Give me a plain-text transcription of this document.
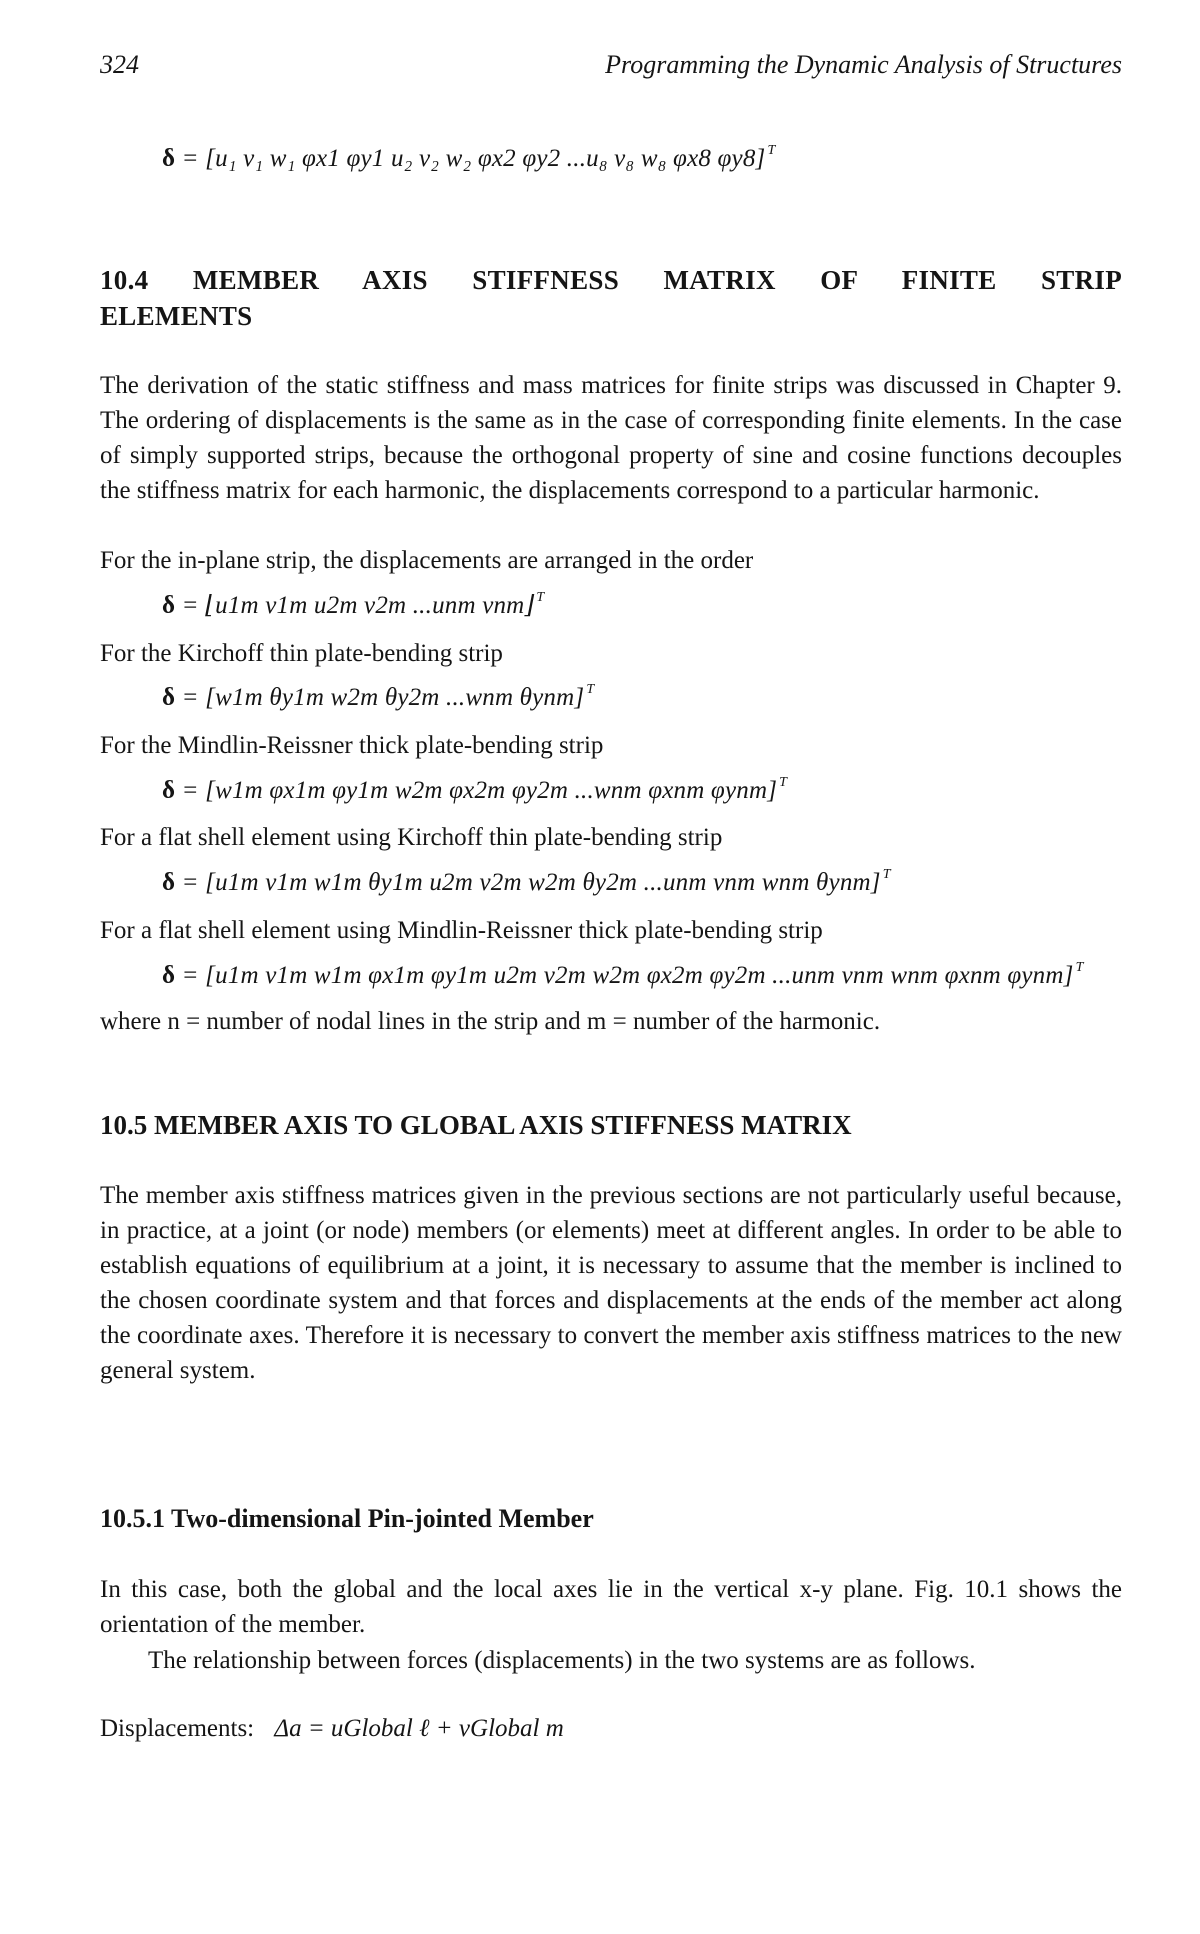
324	Programming the Dynamic Analysis of Structures
δ = [u₁ v₁ w₁ φx1 φy1 u₂ v₂ w₂ φx2 φy2 ...u₈ v₈ w₈ φx8 φy8] $^T$
10.4 MEMBER AXIS STIFFNESS MATRIX OF FINITE STRIP
ELEMENTS
The derivation of the static stiffness and mass matrices for finite strips was discussed in Chapter 9. The ordering of displacements is the same as in the case of corresponding finite elements. In the case of simply supported strips, because the orthogonal property of sine and cosine functions decouples the stiffness matrix for each harmonic, the displacements correspond to a particular harmonic.
For the in-plane strip, the displacements are arranged in the order
δ = ⌊u1m v1m u2m v2m ...unm vnm⌋ $^T$
For the Kirchoff thin plate-bending strip
δ = [w1m θy1m w2m θy2m ...wnm θynm] $^T$
For the Mindlin-Reissner thick plate-bending strip
δ = [w1m φx1m φy1m w2m φx2m φy2m ...wnm φxnm φynm] $^T$
For a flat shell element using Kirchoff thin plate-bending strip
δ = [u1m v1m w1m θy1m u2m v2m w2m θy2m ...unm vnm wnm θynm] $^T$
For a flat shell element using Mindlin-Reissner thick plate-bending strip
δ = [u1m v1m w1m φx1m φy1m u2m v2m w2m φx2m φy2m ...unm vnm wnm φxnm φynm] $^T$
where n = number of nodal lines in the strip and m = number of the harmonic.
10.5 MEMBER AXIS TO GLOBAL AXIS STIFFNESS MATRIX
The member axis stiffness matrices given in the previous sections are not particularly useful because, in practice, at a joint (or node) members (or elements) meet at different angles. In order to be able to establish equations of equilibrium at a joint, it is necessary to assume that the member is inclined to the chosen coordinate system and that forces and displacements at the ends of the member act along the coordinate axes. Therefore it is necessary to convert the member axis stiffness matrices to the new general system.
10.5.1 Two-dimensional Pin-jointed Member
In this case, both the global and the local axes lie in the vertical x-y plane. Fig. 10.1 shows the orientation of the member.
The relationship between forces (displacements) in the two systems are as follows.
Displacements: Δa = uGlobal ℓ + vGlobal m
